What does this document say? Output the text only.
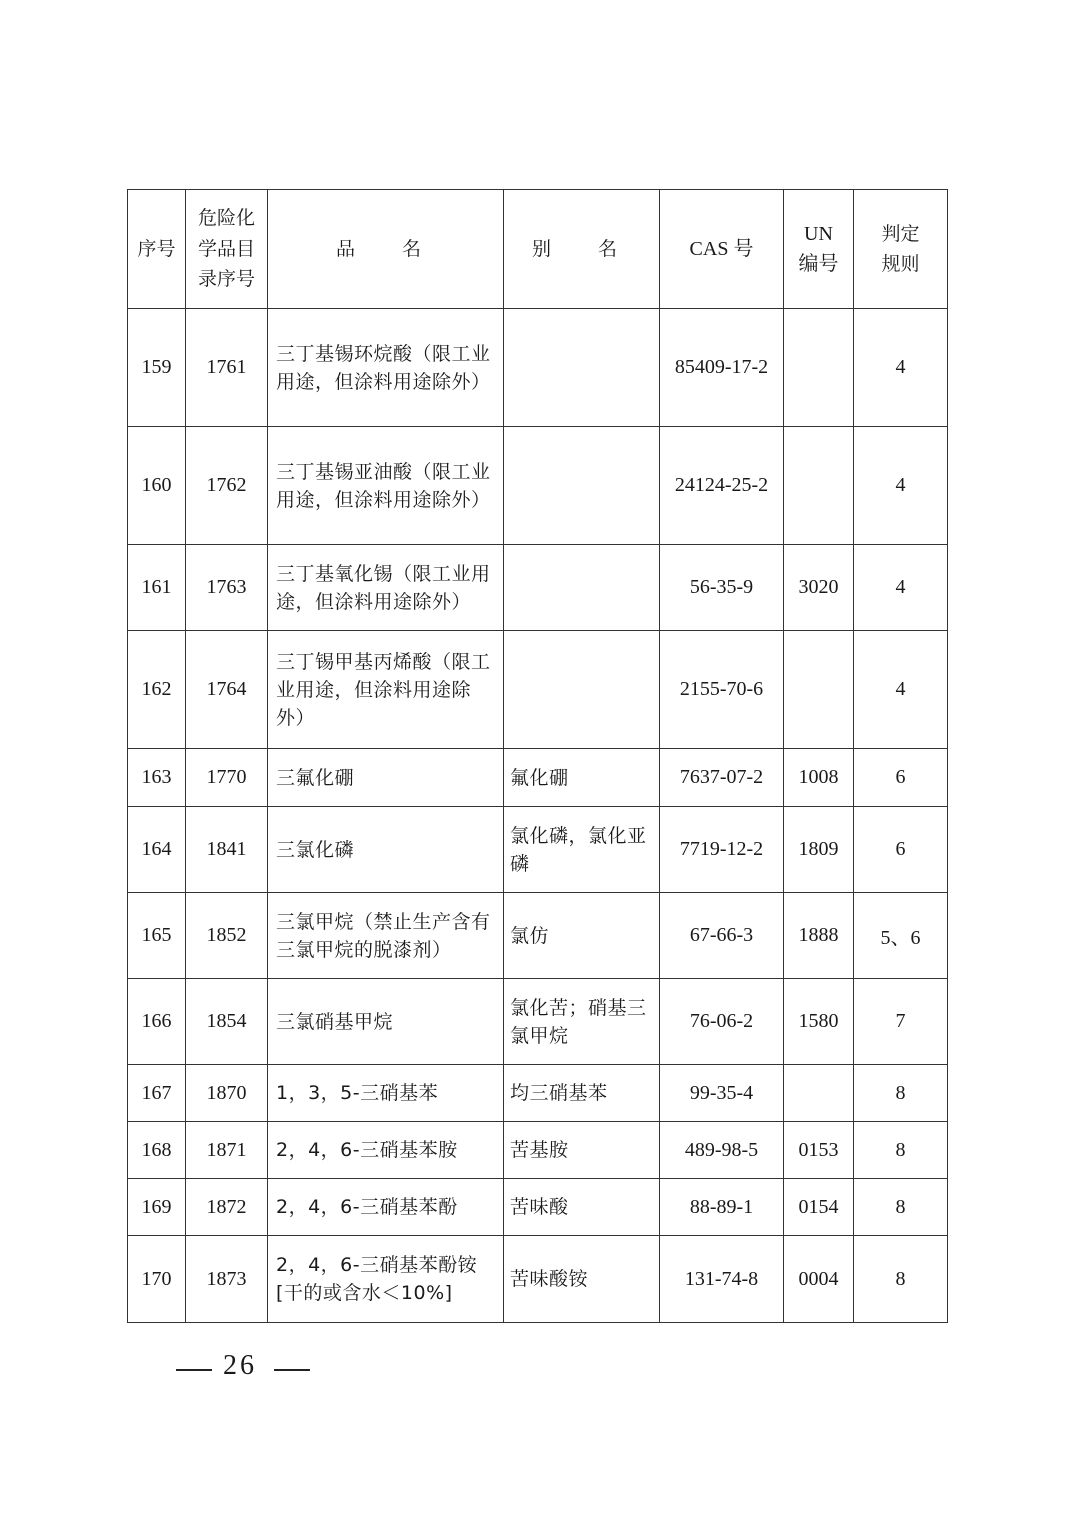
序号	危险化学品目录序号	品　名	别　名	CAS 号	UN 编号	判定规则
159	1761	三丁基锡环烷酸（限工业用途，但涂料用途除外）		85409-17-2		4
160	1762	三丁基锡亚油酸（限工业用途，但涂料用途除外）		24124-25-2		4
161	1763	三丁基氧化锡（限工业用途，但涂料用途除外）		56-35-9	3020	4
162	1764	三丁锡甲基丙烯酸（限工业用途，但涂料用途除外）		2155-70-6		4
163	1770	三氟化硼	氟化硼	7637-07-2	1008	6
164	1841	三氯化磷	氯化磷，氯化亚磷	7719-12-2	1809	6
165	1852	三氯甲烷（禁止生产含有三氯甲烷的脱漆剂）	氯仿	67-66-3	1888	5、6
166	1854	三氯硝基甲烷	氯化苦；硝基三氯甲烷	76-06-2	1580	7
167	1870	1，3，5-三硝基苯	均三硝基苯	99-35-4		8
168	1871	2，4，6-三硝基苯胺	苦基胺	489-98-5	0153	8
169	1872	2，4，6-三硝基苯酚	苦味酸	88-89-1	0154	8
170	1873	2，4，6-三硝基苯酚铵[干的或含水＜10%]	苦味酸铵	131-74-8	0004	8
26
